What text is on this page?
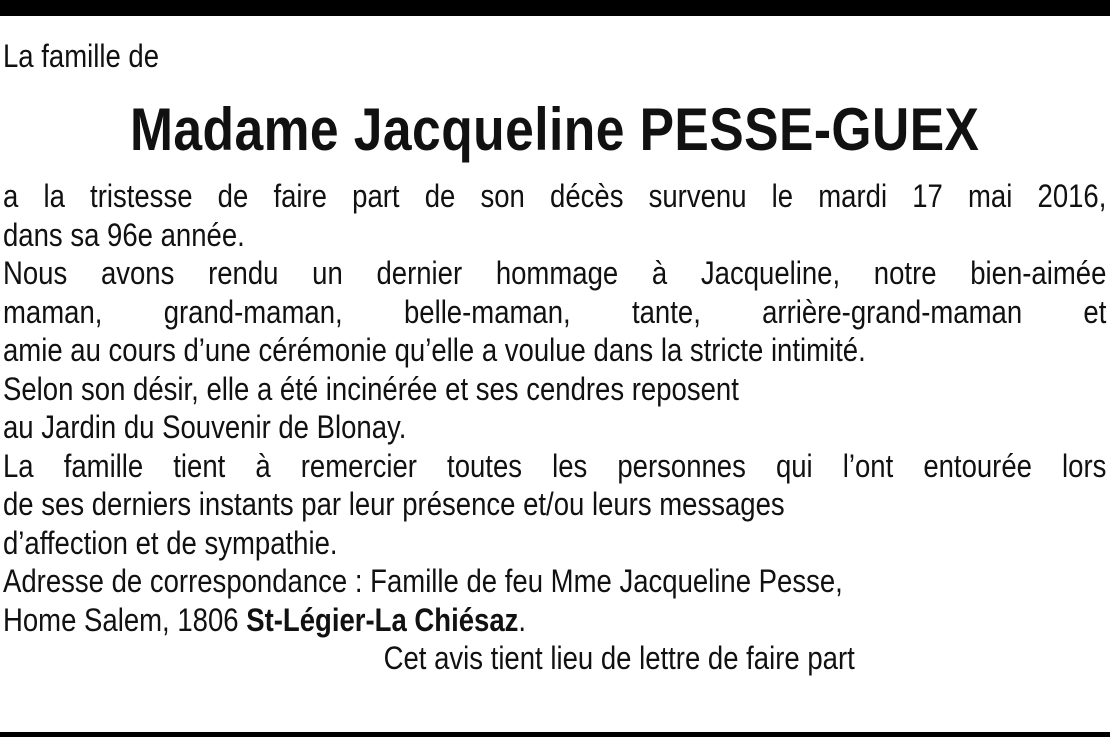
La famille de

Madame Jacqueline PESSE-GUEX

a la tristesse de faire part de son décès survenu le mardi 17 mai 2016,

dans sa 96e année.

Nous avons rendu un dernier hommage à Jacqueline, notre bien-aimée

maman, grand-maman, belle-maman, tante, arrière-grand-maman et

amie au cours d’une cérémonie qu’elle a voulue dans la stricte intimité.

Selon son désir, elle a été incinérée et ses cendres reposent

au Jardin du Souvenir de Blonay.

La famille tient à remercier toutes les personnes qui l’ont entourée lors

de ses derniers instants par leur présence et/ou leurs messages

d’affection et de sympathie.

Adresse de correspondance : Famille de feu Mme Jacqueline Pesse,

Home Salem, 1806 St-Légier-La Chiésaz.

Cet avis tient lieu de lettre de faire part
